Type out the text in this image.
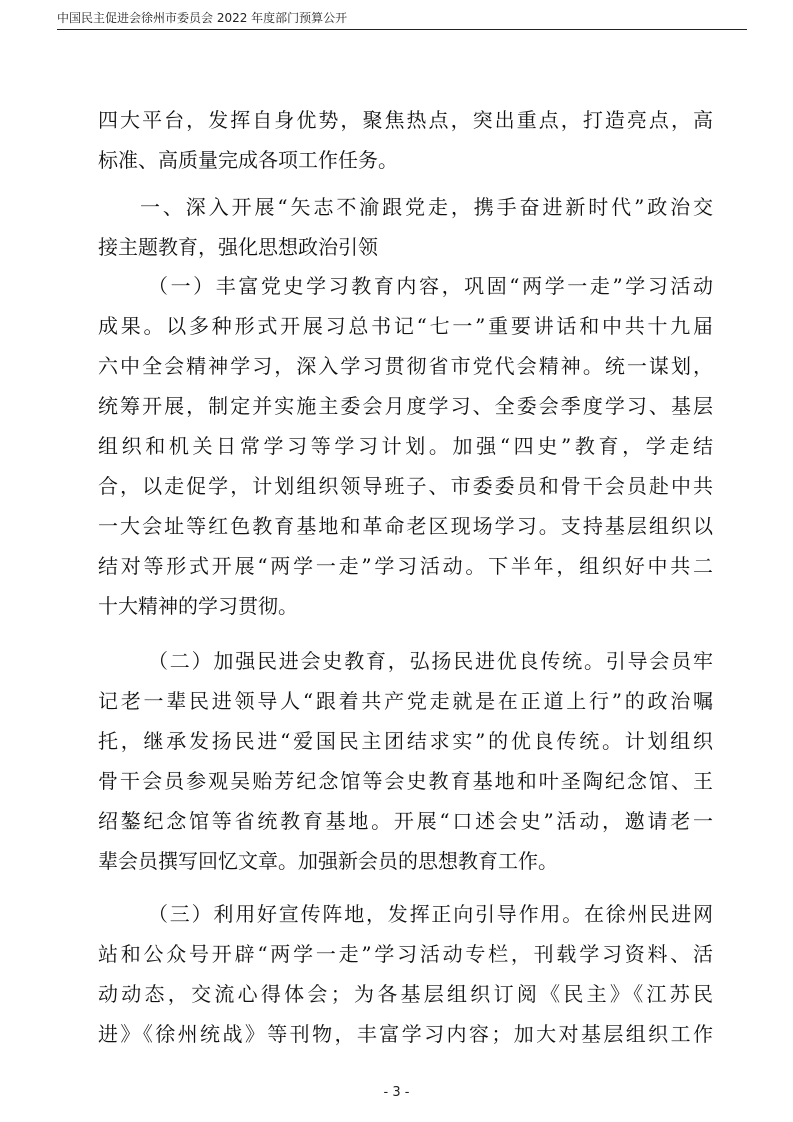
中国民主促进会徐州市委员会 2022 年度部门预算公开
四大平台，发挥自身优势，聚焦热点，突出重点，打造亮点，高
标准、高质量完成各项工作任务。
一、深入开展“矢志不渝跟党走，携手奋进新时代”政治交
接主题教育，强化思想政治引领
（一）丰富党史学习教育内容，巩固“两学一走”学习活动
成果。以多种形式开展习总书记“七一”重要讲话和中共十九届
六中全会精神学习，深入学习贯彻省市党代会精神。统一谋划，
统筹开展，制定并实施主委会月度学习、全委会季度学习、基层
组织和机关日常学习等学习计划。加强“四史”教育，学走结
合，以走促学，计划组织领导班子、市委委员和骨干会员赴中共
一大会址等红色教育基地和革命老区现场学习。支持基层组织以
结对等形式开展“两学一走”学习活动。下半年，组织好中共二
十大精神的学习贯彻。
（二）加强民进会史教育，弘扬民进优良传统。引导会员牢
记老一辈民进领导人“跟着共产党走就是在正道上行”的政治嘱
托，继承发扬民进“爱国民主团结求实”的优良传统。计划组织
骨干会员参观吴贻芳纪念馆等会史教育基地和叶圣陶纪念馆、王
绍鏊纪念馆等省统教育基地。开展“口述会史”活动，邀请老一
辈会员撰写回忆文章。加强新会员的思想教育工作。
（三）利用好宣传阵地，发挥正向引导作用。在徐州民进网
站和公众号开辟“两学一走”学习活动专栏，刊载学习资料、活
动动态，交流心得体会；为各基层组织订阅《民主》《江苏民
进》《徐州统战》等刊物，丰富学习内容；加大对基层组织工作
- 3 -
